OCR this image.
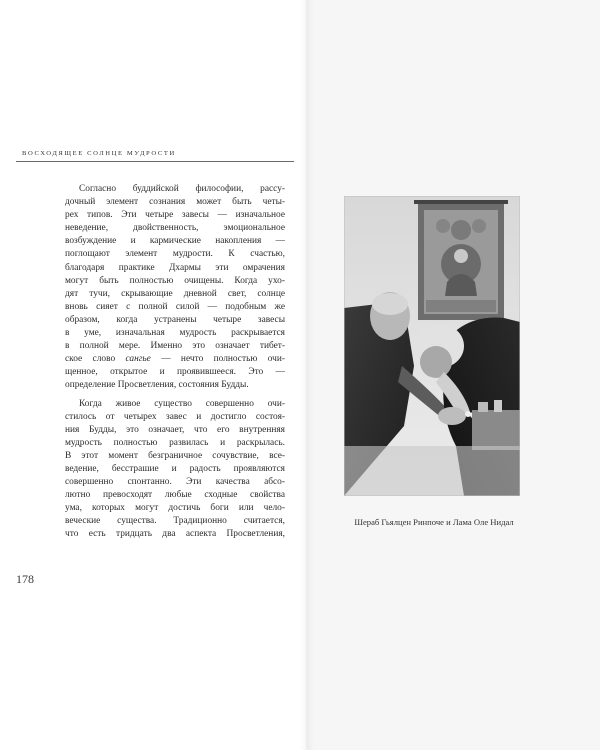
ВОСХОДЯЩЕЕ СОЛНЦЕ МУДРОСТИ
Согласно буддийской философии, рассу-
дочный элемент сознания может быть четы-
рех типов. Эти четыре завесы — изначальное
неведение, двойственность, эмоциональное
возбуждение и кармические накопления —
поглощают элемент мудрости. К счастью,
благодаря практике Дхармы эти омрачения
могут быть полностью очищены. Когда ухо-
дят тучи, скрывающие дневной свет, солнце
вновь сияет с полной силой — подобным же
образом, когда устранены четыре завесы
в уме, изначальная мудрость раскрывается
в полной мере. Именно это означает тибет-
ское слово сангье — нечто полностью очи-
щенное, открытое и проявившееся. Это —
определение Просветления, состояния Будды.
Когда живое существо совершенно очи-
стилось от четырех завес и достигло состоя-
ния Будды, это означает, что его внутренняя
мудрость полностью развилась и раскрылась.
В этот момент безграничное сочувствие, все-
ведение, бесстрашие и радость проявляются
совершенно спонтанно. Эти качества абсо-
лютно превосходят любые сходные свойства
ума, которых могут достичь боги или чело-
веческие существа. Традиционно считается,
что есть тридцать два аспекта Просветления,
178
Шераб Гьялцен Ринпоче и Лама Оле Нидал
